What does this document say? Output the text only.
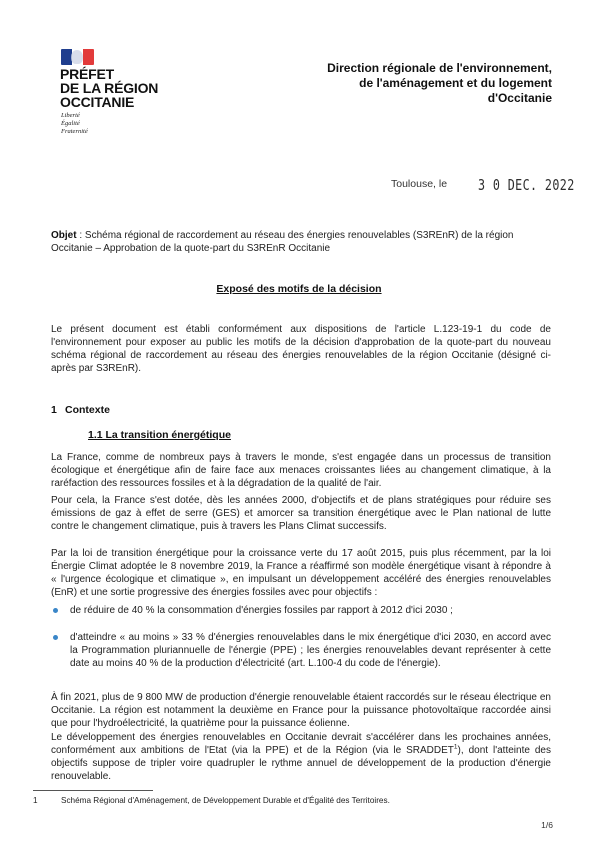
PRÉFET
DE LA RÉGION
OCCITANIE
Liberté
Égalité
Fraternité
Direction régionale de l'environnement,
de l'aménagement et du logement
d'Occitanie
Toulouse, le 3 0 DEC. 2022
Objet : Schéma régional de raccordement au réseau des énergies renouvelables (S3REnR) de la région Occitanie – Approbation de la quote-part du S3REnR Occitanie
Exposé des motifs de la décision
Le présent document est établi conformément aux dispositions de l'article L.123-19-1 du code de l'environnement pour exposer au public les motifs de la décision d'approbation de la quote-part du nouveau schéma régional de raccordement au réseau des énergies renouvelables de la région Occitanie (désigné ci-après par S3REnR).
1 Contexte
1.1 La transition énergétique
La France, comme de nombreux pays à travers le monde, s'est engagée dans un processus de transition écologique et énergétique afin de faire face aux menaces croissantes liées au changement climatique, à la raréfaction des ressources fossiles et à la dégradation de la qualité de l'air.
Pour cela, la France s'est dotée, dès les années 2000, d'objectifs et de plans stratégiques pour réduire ses émissions de gaz à effet de serre (GES) et amorcer sa transition énergétique avec le Plan national de lutte contre le changement climatique, puis à travers les Plans Climat successifs.
Par la loi de transition énergétique pour la croissance verte du 17 août 2015, puis plus récemment, par la loi Énergie Climat adoptée le 8 novembre 2019, la France a réaffirmé son modèle énergétique visant à répondre à « l'urgence écologique et climatique », en impulsant un développement accéléré des énergies renouvelables (EnR) et une sortie progressive des énergies fossiles avec pour objectifs :
de réduire de 40 % la consommation d'énergies fossiles par rapport à 2012 d'ici 2030 ;
d'atteindre « au moins » 33 % d'énergies renouvelables dans le mix énergétique d'ici 2030, en accord avec la Programmation pluriannuelle de l'énergie (PPE) ; les énergies renouvelables devant représenter à cette date au moins 40 % de la production d'électricité (art. L.100-4 du code de l'énergie).
À fin 2021, plus de 9 800 MW de production d'énergie renouvelable étaient raccordés sur le réseau électrique en Occitanie. La région est notamment la deuxième en France pour la puissance photovoltaïque raccordée ainsi que pour l'hydroélectricité, la quatrième pour la puissance éolienne.
Le développement des énergies renouvelables en Occitanie devrait s'accélérer dans les prochaines années, conformément aux ambitions de l'Etat (via la PPE) et de la Région (via le SRADDET$^1$), dont l'atteinte des objectifs suppose de tripler voire quadrupler le rythme annuel de développement de la production d'énergie renouvelable.
1	Schéma Régional d'Aménagement, de Développement Durable et d'Égalité des Territoires.
1/6
